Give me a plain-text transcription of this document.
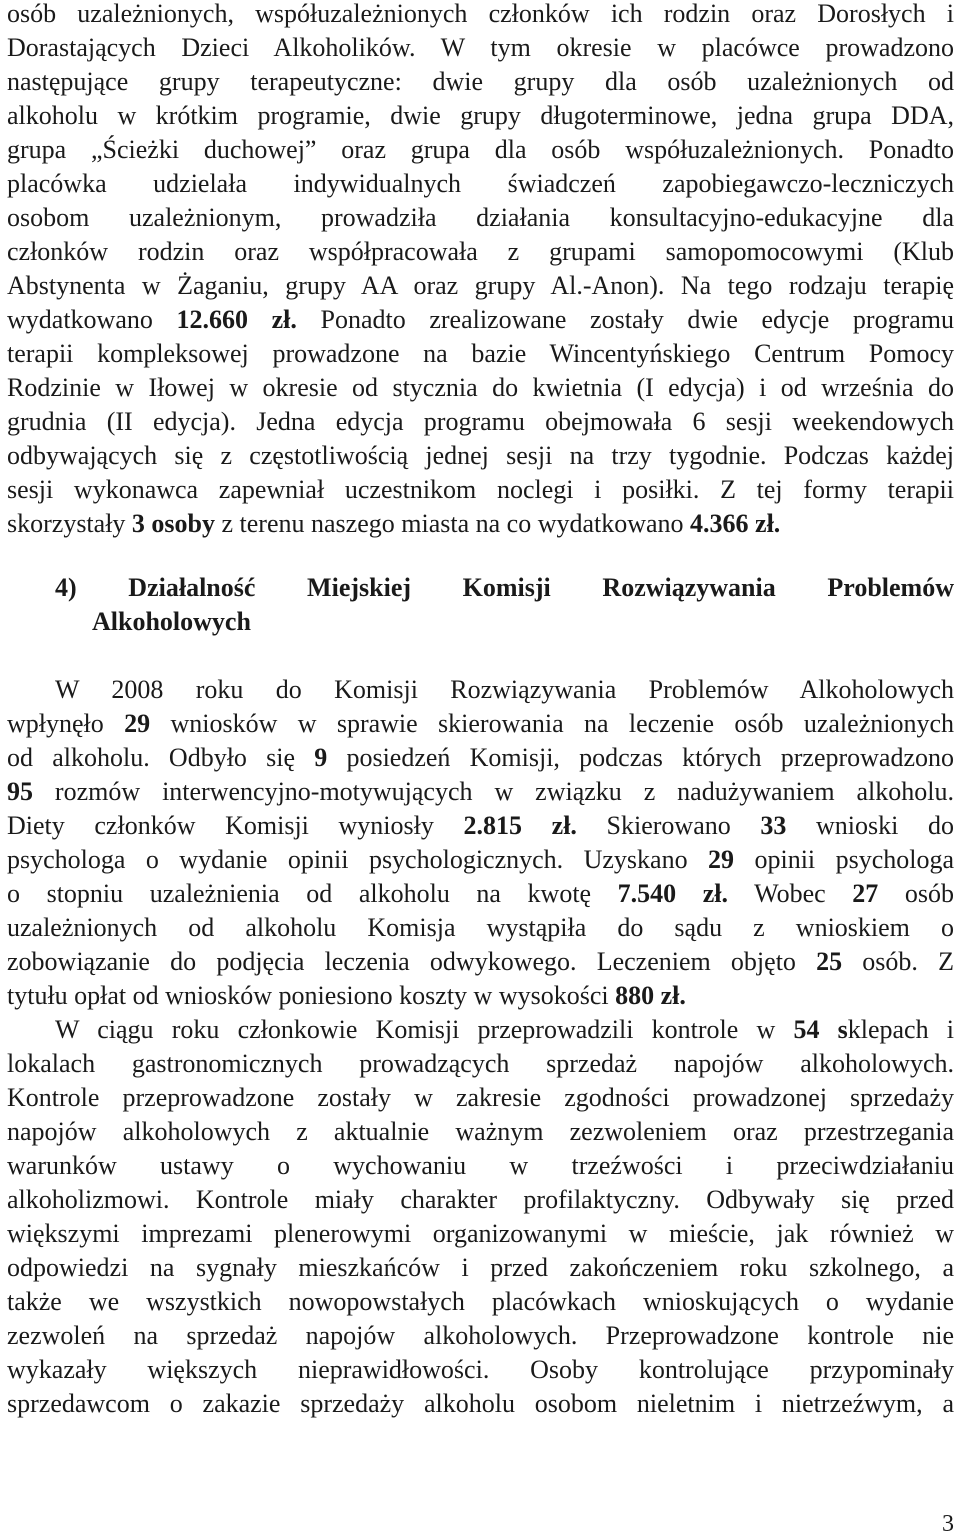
osób uzależnionych, współuzależnionych członków ich rodzin oraz Dorosłych i
Dorastających Dzieci Alkoholików. W tym okresie w placówce prowadzono
następujące grupy terapeutyczne: dwie grupy dla osób uzależnionych od
alkoholu w krótkim programie, dwie grupy długoterminowe, jedna grupa DDA,
grupa „Ścieżki duchowej” oraz grupa dla osób współuzależnionych. Ponadto
placówka udzielała indywidualnych świadczeń zapobiegawczo-leczniczych
osobom uzależnionym, prowadziła działania konsultacyjno-edukacyjne dla
członków rodzin oraz współpracowała z grupami samopomocowymi (Klub
Abstynenta w Żaganiu, grupy AA oraz grupy Al.-Anon). Na tego rodzaju terapię
wydatkowano 12.660 zł. Ponadto zrealizowane zostały dwie edycje programu
terapii kompleksowej prowadzone na bazie Wincentyńskiego Centrum Pomocy
Rodzinie w Iłowej w okresie od stycznia do kwietnia (I edycja) i od września do
grudnia (II edycja). Jedna edycja programu obejmowała 6 sesji weekendowych
odbywających się z częstotliwością jednej sesji na trzy tygodnie. Podczas każdej
sesji wykonawca zapewniał uczestnikom noclegi i posiłki. Z tej formy terapii
skorzystały 3 osoby z terenu naszego miasta na co wydatkowano 4.366 zł.
4) Działalność Miejskiej Komisji Rozwiązywania Problemów
Alkoholowych
W 2008 roku do Komisji Rozwiązywania Problemów Alkoholowych
wpłynęło 29 wniosków w sprawie skierowania na leczenie osób uzależnionych
od alkoholu. Odbyło się 9 posiedzeń Komisji, podczas których przeprowadzono
95 rozmów interwencyjno-motywujących w związku z nadużywaniem alkoholu.
Diety członków Komisji wyniosły 2.815 zł. Skierowano 33 wnioski do
psychologa o wydanie opinii psychologicznych. Uzyskano 29 opinii psychologa
o stopniu uzależnienia od alkoholu na kwotę 7.540 zł. Wobec 27 osób
uzależnionych od alkoholu Komisja wystąpiła do sądu z wnioskiem o
zobowiązanie do podjęcia leczenia odwykowego. Leczeniem objęto 25 osób. Z
tytułu opłat od wniosków poniesiono koszty w wysokości 880 zł.
W ciągu roku członkowie Komisji przeprowadzili kontrole w 54 sklepach i
lokalach gastronomicznych prowadzących sprzedaż napojów alkoholowych.
Kontrole przeprowadzone zostały w zakresie zgodności prowadzonej sprzedaży
napojów alkoholowych z aktualnie ważnym zezwoleniem oraz przestrzegania
warunków ustawy o wychowaniu w trzeźwości i przeciwdziałaniu
alkoholizmowi. Kontrole miały charakter profilaktyczny. Odbywały się przed
większymi imprezami plenerowymi organizowanymi w mieście, jak również w
odpowiedzi na sygnały mieszkańców i przed zakończeniem roku szkolnego, a
także we wszystkich nowopowstałych placówkach wnioskujących o wydanie
zezwoleń na sprzedaż napojów alkoholowych. Przeprowadzone kontrole nie
wykazały większych nieprawidłowości. Osoby kontrolujące przypominały
sprzedawcom o zakazie sprzedaży alkoholu osobom nieletnim i nietrzeźwym, a
3
